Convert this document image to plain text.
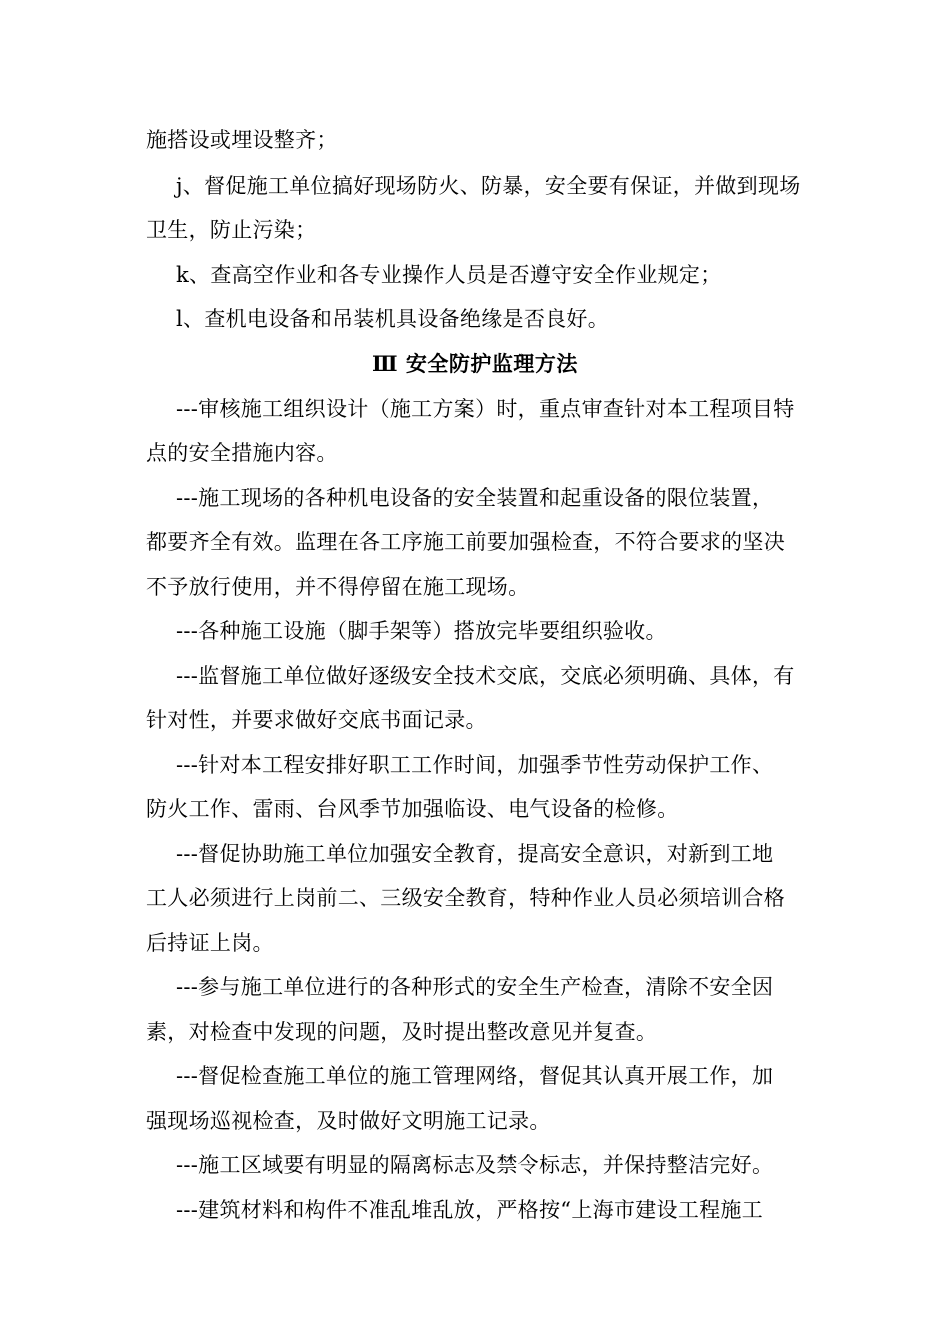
施搭设或埋设整齐；
j、督促施工单位搞好现场防火、防暴，安全要有保证，并做到现场
卫生，防止污染；
k、查高空作业和各专业操作人员是否遵守安全作业规定；
l、查机电设备和吊装机具设备绝缘是否良好。
Ⅲ 安全防护监理方法
---审核施工组织设计（施工方案）时，重点审查针对本工程项目特
点的安全措施内容。
---施工现场的各种机电设备的安全装置和起重设备的限位装置，
都要齐全有效。监理在各工序施工前要加强检查，不符合要求的坚决
不予放行使用，并不得停留在施工现场。
---各种施工设施（脚手架等）搭放完毕要组织验收。
---监督施工单位做好逐级安全技术交底，交底必须明确、具体，有
针对性，并要求做好交底书面记录。
---针对本工程安排好职工工作时间，加强季节性劳动保护工作、
防火工作、雷雨、台风季节加强临设、电气设备的检修。
---督促协助施工单位加强安全教育，提高安全意识，对新到工地
工人必须进行上岗前二、三级安全教育，特种作业人员必须培训合格
后持证上岗。
---参与施工单位进行的各种形式的安全生产检查，清除不安全因
素，对检查中发现的问题，及时提出整改意见并复查。
---督促检查施工单位的施工管理网络，督促其认真开展工作，加
强现场巡视检查，及时做好文明施工记录。
---施工区域要有明显的隔离标志及禁令标志，并保持整洁完好。
---建筑材料和构件不准乱堆乱放，严格按“上海市建设工程施工
